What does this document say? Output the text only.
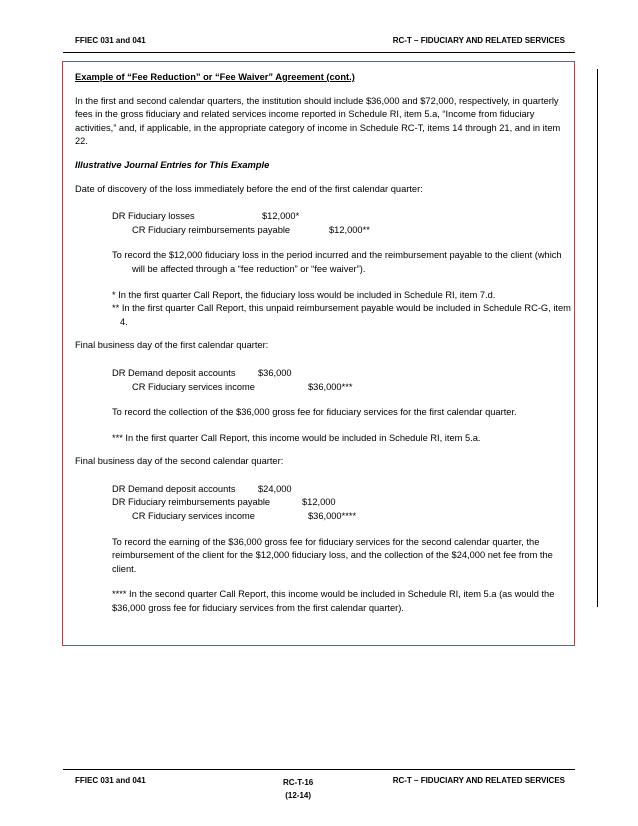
FFIEC 031 and 041	RC-T – FIDUCIARY AND RELATED SERVICES

Example of “Fee Reduction” or “Fee Waiver” Agreement (cont.)

In the first and second calendar quarters, the institution should include $36,000 and $72,000, respectively, in quarterly fees in the gross fiduciary and related services income reported in Schedule RI, item 5.a, “Income from fiduciary activities,” and, if applicable, in the appropriate category of income in Schedule RC-T, items 14 through 21, and in item 22.

Illustrative Journal Entries for This Example

Date of discovery of the loss immediately before the end of the first calendar quarter:

DR Fiduciary losses	$12,000*

CR Fiduciary reimbursements payable	$12,000**

To record the $12,000 fiduciary loss in the period incurred and the reimbursement payable to the client (which will be affected through a “fee reduction” or “fee waiver”).

* In the first quarter Call Report, the fiduciary loss would be included in Schedule RI, item 7.d.

** In the first quarter Call Report, this unpaid reimbursement payable would be included in Schedule RC-G, item 4.

Final business day of the first calendar quarter:

DR Demand deposit accounts $36,000

CR Fiduciary services income	$36,000***

To record the collection of the $36,000 gross fee for fiduciary services for the first calendar quarter.

*** In the first quarter Call Report, this income would be included in Schedule RI, item 5.a.

Final business day of the second calendar quarter:

DR Demand deposit accounts $24,000

DR Fiduciary reimbursements payable	$12,000

CR Fiduciary services income	$36,000****

To record the earning of the $36,000 gross fee for fiduciary services for the second calendar quarter, the reimbursement of the client for the $12,000 fiduciary loss, and the collection of the $24,000 net fee from the client.

**** In the second quarter Call Report, this income would be included in Schedule RI, item 5.a (as would the $36,000 gross fee for fiduciary services from the first calendar quarter).

FFIEC 031 and 041	RC-T-16
(12-14)
RC-T – FIDUCIARY AND RELATED SERVICES
